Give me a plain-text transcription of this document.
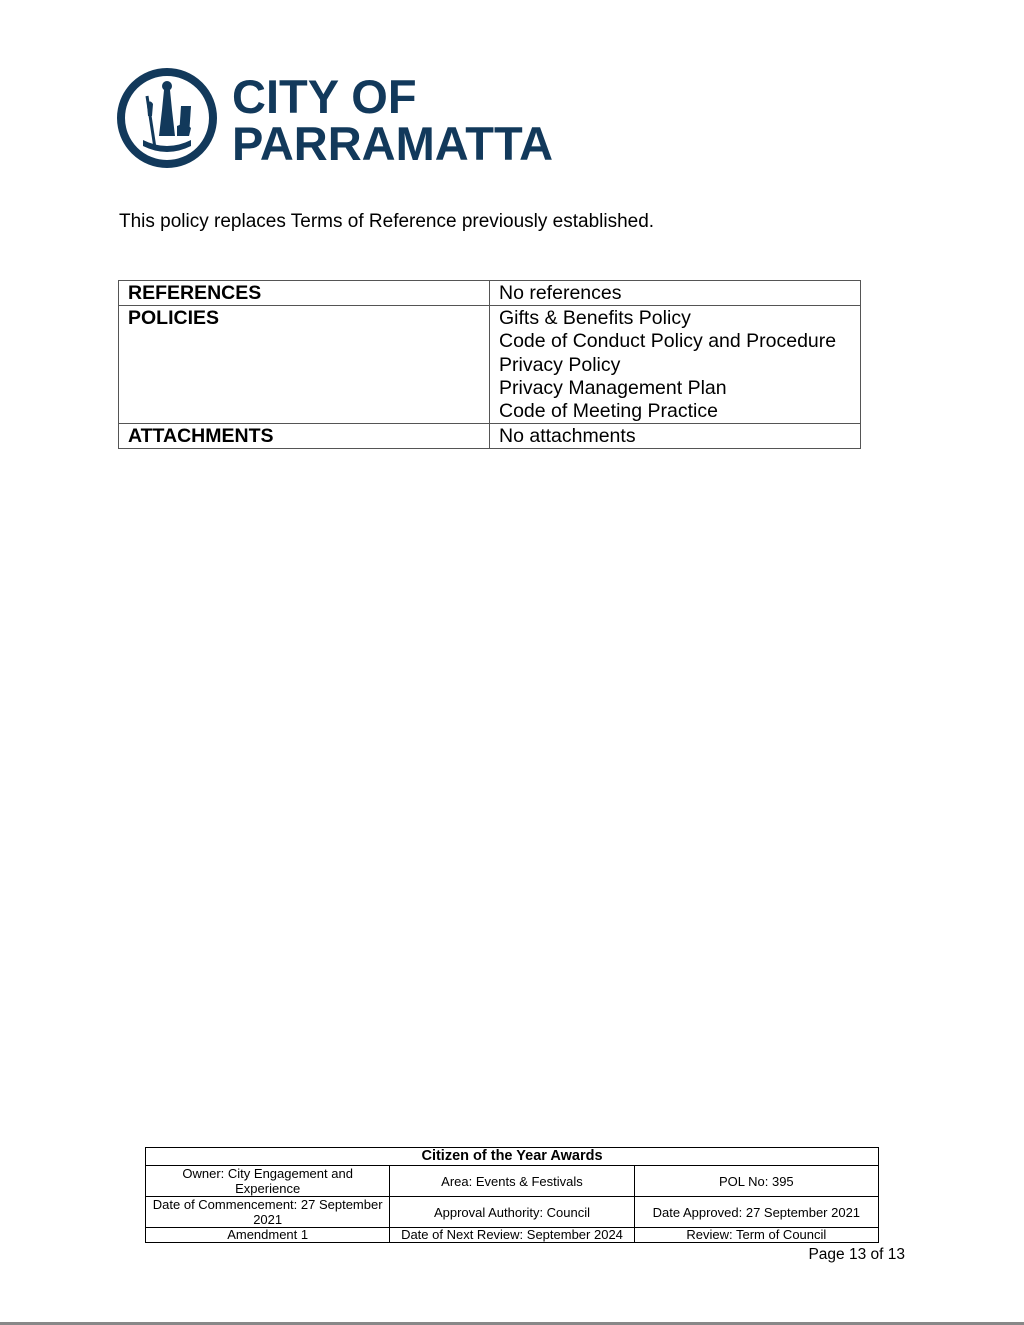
CITY OF
PARRAMATTA

This policy replaces Terms of Reference previously established.

REFERENCES	No references

POLICIES	Gifts & Benefits Policy
Code of Conduct Policy and Procedure
Privacy Policy
Privacy Management Plan
Code of Meeting Practice

ATTACHMENTS	No attachments
Citizen of the Year Awards		
Owner: City Engagement and Experience	Area: Events & Festivals	POL No: 395
Date of Commencement: 27 September 2021	Approval Authority: Council	Date Approved: 27 September 2021
Amendment 1	Date of Next Review: September 2024	Review: Term of Council
Page 13 of 13
